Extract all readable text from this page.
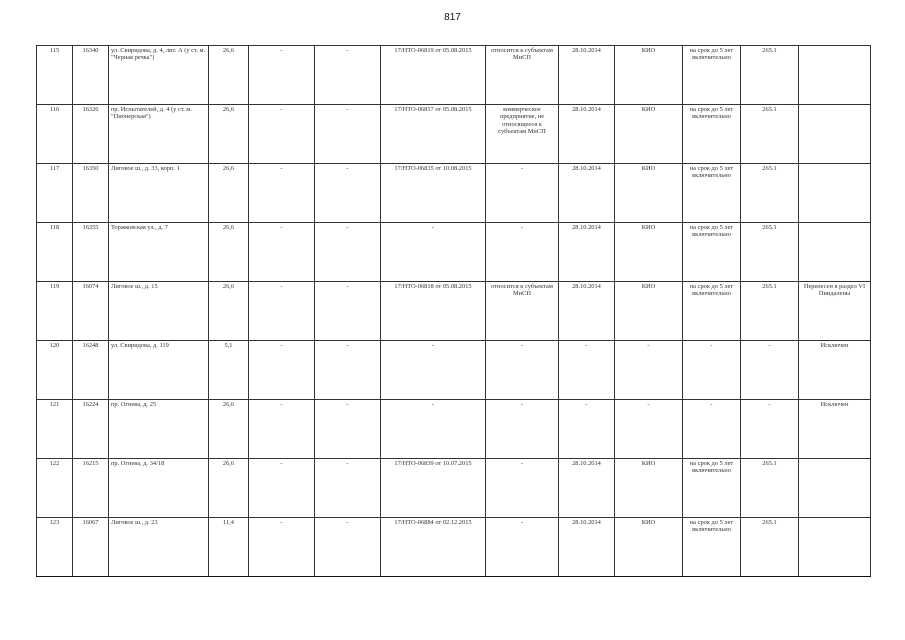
817
115	16340	ул. Свиридова, д. 4, лит. А (у ст. м. "Черная речка")	26,6	-	-	17/НТО-06819 от 05.08.2015	относится к субъектам МиСП	28.10.2014	КИО	на срок до 5 лет включительно	265.1	
116	16326	пр. Испытателей, д. 4 (у ст. м. "Пионерская")	26,6	-	-	17/НТО-06817 от 05.08.2015	коммерческое предприятие, не относящееся к субъектам МиСП	28.10.2014	КИО	на срок до 5 лет включительно	265.1	
117	16350	Лиговое ш., д. 33, корп. 1	26,6	-	-	17/НТО-06835 от 10.08.2015	-	28.10.2014	КИО	на срок до 5 лет включительно	265.1	
118	16355	Торжковская ул., д. 7	26,6	-	-	-	-	28.10.2014	КИО	на срок до 5 лет включительно	265.1	
119	16074	Лиговое ш., д. 15	26,6	-	-	17/НТО-06818 от 05.08.2015	относится к субъектам МиСП	28.10.2014	КИО	на срок до 5 лет включительно	265.1	Перенесен в раздел VI Пиидалены
120	16248	ул. Свиридова, д. 119	5,1	-	-	-	-	-	-	-	-	Исключен
121	16224	пр. Огнева, д. 25	26,6	-	-	-	-	-	-	-	-	Исключен
122	16215	пр. Огнева, д. 34/18	26,6	-	-	17/НТО-06839 от 10.07.2015	-	28.10.2014	КИО	на срок до 5 лет включительно	265.1	
123	16067	Лиговое ш., д. 23	11,4	-	-	17/НТО-06884 от 02.12.2015	-	28.10.2014	КИО	на срок до 5 лет включительно	265.1	
